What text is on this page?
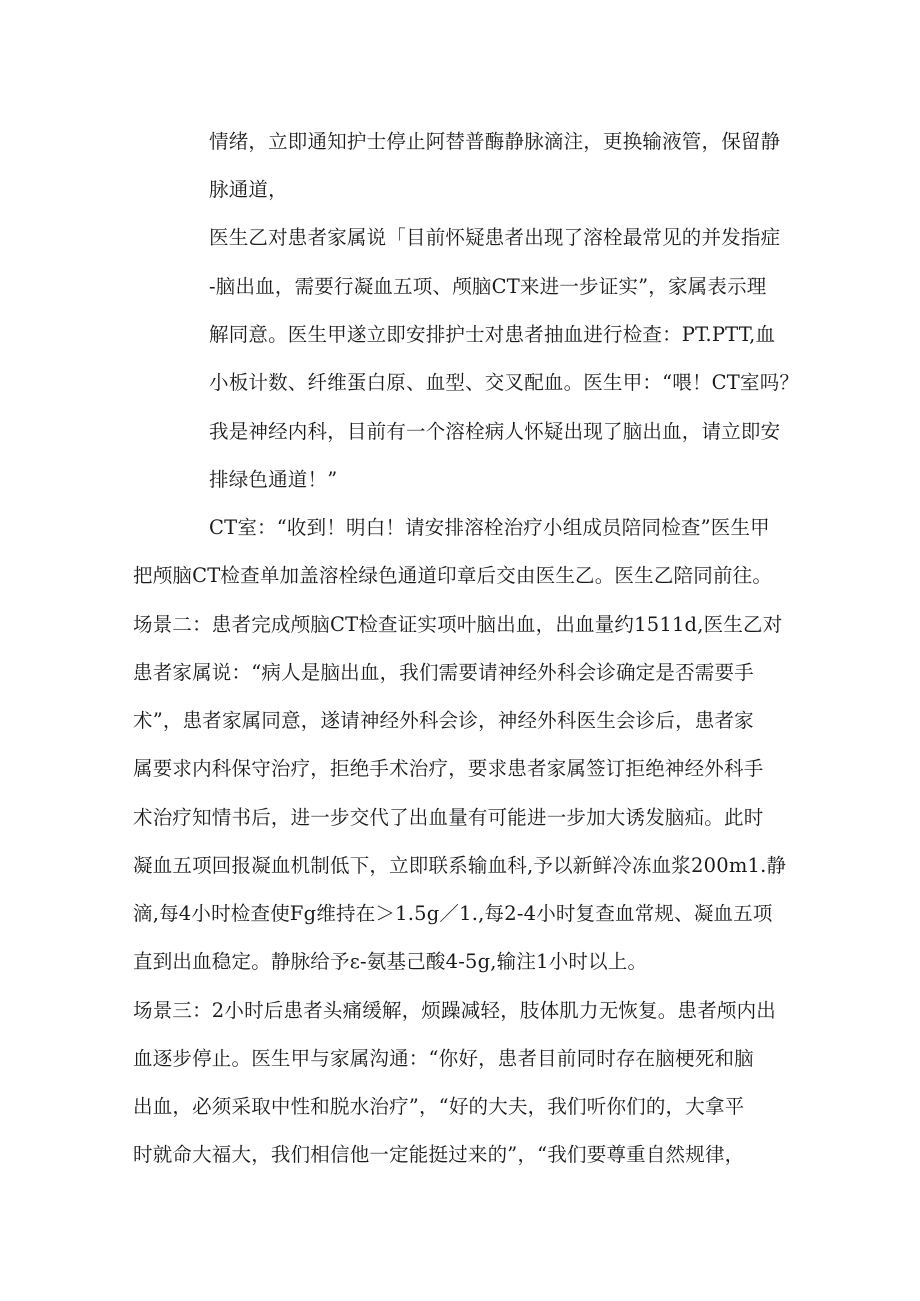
情绪，立即通知护士停止阿替普酶静脉滴注，更换输液管，保留静
脉通道，
医生乙对患者家属说「目前怀疑患者出现了溶栓最常见的并发指症
-脑出血，需要行凝血五项、颅脑CT来进一步证实”，家属表示理
解同意。医生甲遂立即安排护士对患者抽血进行检查：PT.PTT,血
小板计数、纤维蛋白原、血型、交叉配血。医生甲：“喂！CT室吗？
我是神经内科，目前有一个溶栓病人怀疑出现了脑出血，请立即安
排绿色通道！”
CT室：“收到！明白！请安排溶栓治疗小组成员陪同检查”医生甲
把颅脑CT检查单加盖溶栓绿色通道印章后交由医生乙。医生乙陪同前往。
场景二：患者完成颅脑CT检查证实项叶脑出血，出血量约1511d,医生乙对
患者家属说：“病人是脑出血，我们需要请神经外科会诊确定是否需要手
术”，患者家属同意，遂请神经外科会诊，神经外科医生会诊后，患者家
属要求内科保守治疗，拒绝手术治疗，要求患者家属签订拒绝神经外科手
术治疗知情书后，进一步交代了出血量有可能进一步加大诱发脑疝。此时
凝血五项回报凝血机制低下，立即联系输血科,予以新鲜冷冻血浆200m1.静
滴,每4小时检查使Fg维持在＞1.5g／1.,每2-4小时复查血常规、凝血五项
直到出血稳定。静脉给予ε-氨基己酸4-5g,输注1小时以上。
场景三：2小时后患者头痛缓解，烦躁减轻，肢体肌力无恢复。患者颅内出
血逐步停止。医生甲与家属沟通：“你好，患者目前同时存在脑梗死和脑
出血，必须采取中性和脱水治疗”，“好的大夫，我们听你们的，大拿平
时就命大福大，我们相信他一定能挺过来的”，“我们要尊重自然规律，
